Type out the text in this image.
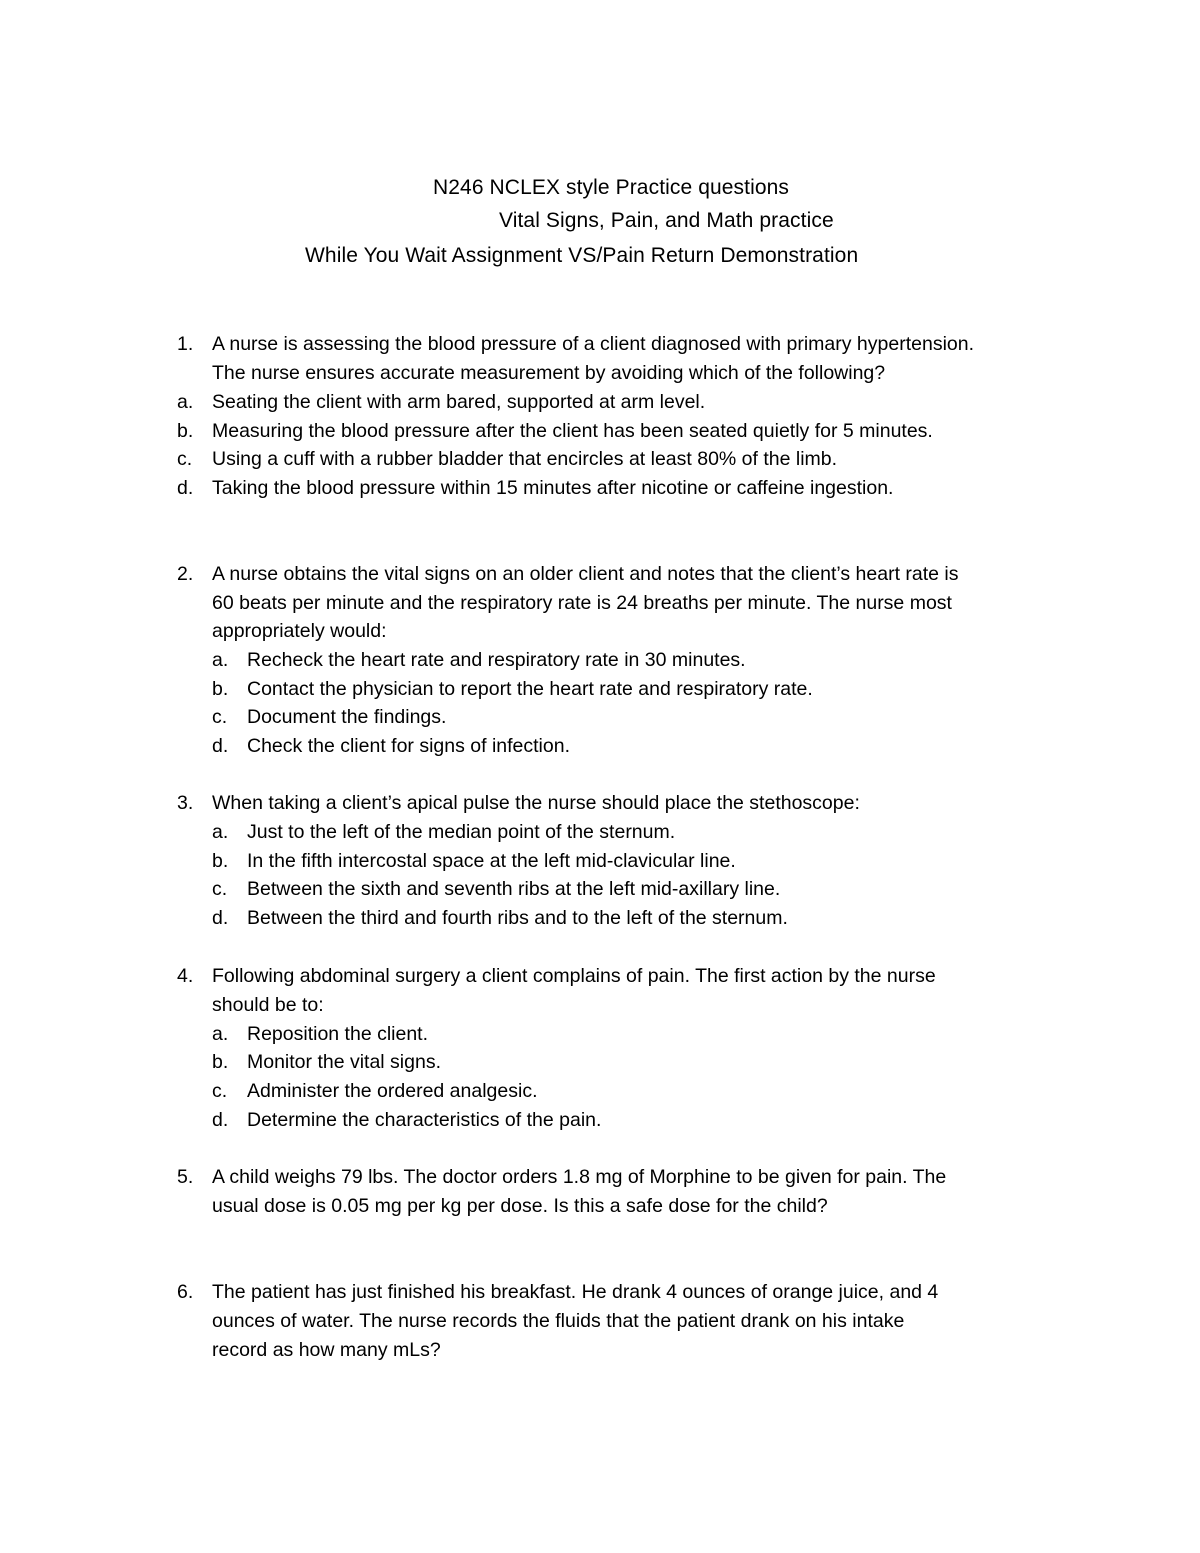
N246 NCLEX style Practice questions
Vital Signs, Pain, and Math practice
While You Wait Assignment VS/Pain Return Demonstration
1. A nurse is assessing the blood pressure of a client diagnosed with primary hypertension.
The nurse ensures accurate measurement by avoiding which of the following?
a. Seating the client with arm bared, supported at arm level.
b. Measuring the blood pressure after the client has been seated quietly for 5 minutes.
c. Using a cuff with a rubber bladder that encircles at least 80% of the limb.
d. Taking the blood pressure within 15 minutes after nicotine or caffeine ingestion.
2. A nurse obtains the vital signs on an older client and notes that the client’s heart rate is
60 beats per minute and the respiratory rate is 24 breaths per minute. The nurse most
appropriately would:
a. Recheck the heart rate and respiratory rate in 30 minutes.
b. Contact the physician to report the heart rate and respiratory rate.
c. Document the findings.
d. Check the client for signs of infection.
3. When taking a client’s apical pulse the nurse should place the stethoscope:
a. Just to the left of the median point of the sternum.
b. In the fifth intercostal space at the left mid-clavicular line.
c. Between the sixth and seventh ribs at the left mid-axillary line.
d. Between the third and fourth ribs and to the left of the sternum.
4. Following abdominal surgery a client complains of pain. The first action by the nurse
should be to:
a. Reposition the client.
b. Monitor the vital signs.
c. Administer the ordered analgesic.
d. Determine the characteristics of the pain.
5. A child weighs 79 lbs. The doctor orders 1.8 mg of Morphine to be given for pain. The
usual dose is 0.05 mg per kg per dose. Is this a safe dose for the child?
6. The patient has just finished his breakfast. He drank 4 ounces of orange juice, and 4
ounces of water. The nurse records the fluids that the patient drank on his intake
record as how many mLs?
